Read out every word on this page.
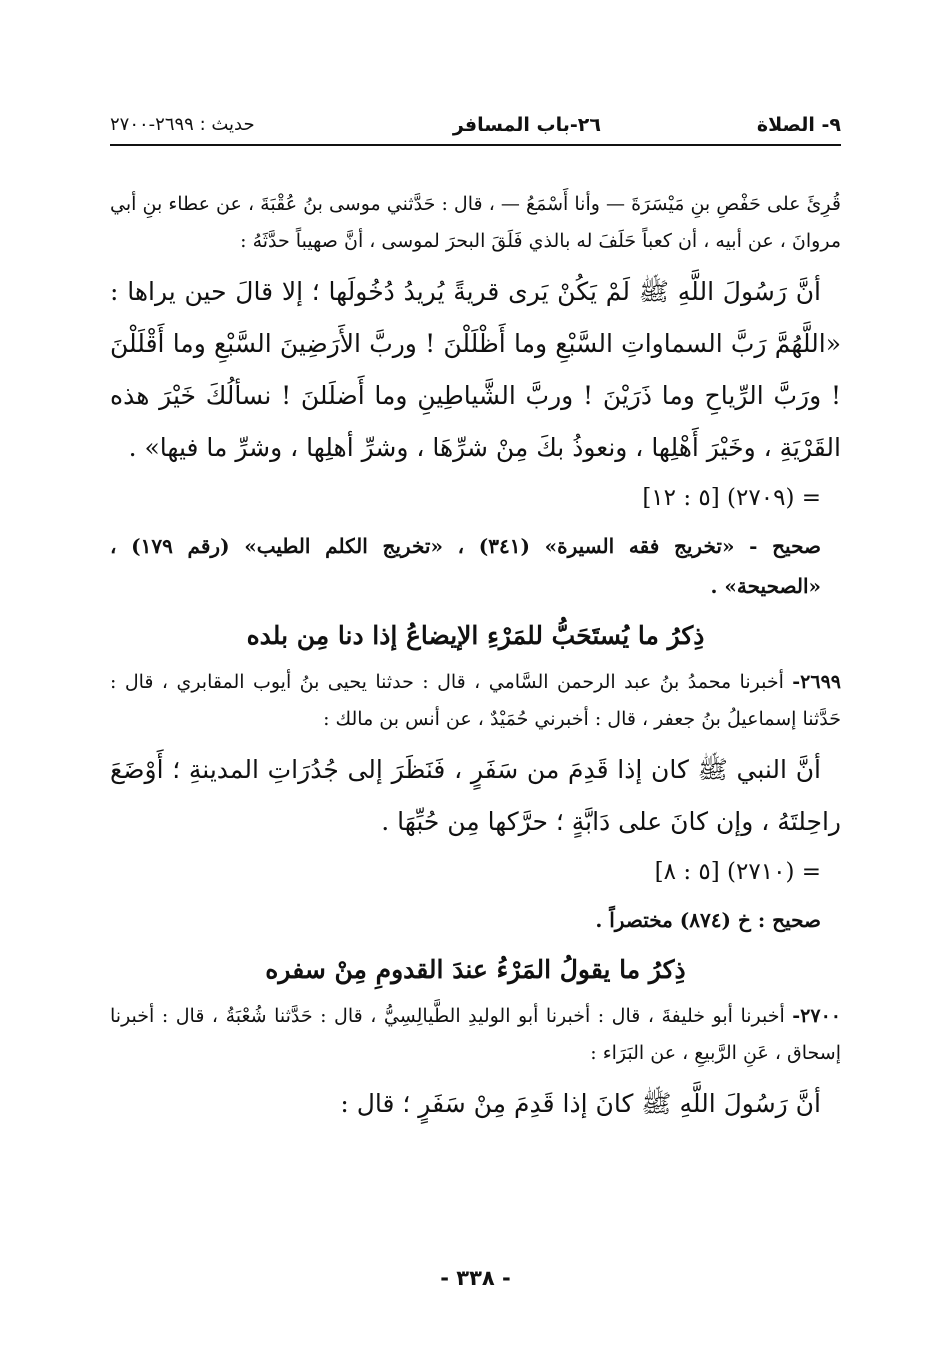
٩- الصلاة
٢٦-باب المسافر
حديث : ٢٦٩٩-٢٧٠٠

قُرِئَ على حَفْصِ بنِ مَيْسَرَةَ — وأنا أَسْمَعُ — ، قال : حَدَّثني موسى بنُ عُقْبَةَ ، عن عطاء بنِ أبي مروانَ ، عن أبيه ، أن كعباً حَلَفَ له بالذي فَلَقَ البحرَ لموسى ، أنَّ صهيباً حدَّثَهُ :

أنَّ رَسُولَ اللَّهِ ﷺ لَمْ يَكُنْ يَرى قريةً يُريدُ دُخُولَها ؛ إلا قالَ حين يراها : «اللَّهُمَّ رَبَّ السماواتِ السَّبْعِ وما أَظْلَلْنَ ! وربَّ الأَرَضِينَ السَّبْعِ وما أَقْلَلْنَ ! ورَبَّ الرِّياحِ وما ذَرَيْنَ ! وربَّ الشَّياطِينِ وما أَضلَلنَ ! نسألُكَ خَيْرَ هذه القَرْيَةِ ، وخَيْرَ أَهْلِها ، ونعوذُ بكَ مِنْ شرِّهَا ، وشرِّ أهلِها ، وشرِّ ما فيها» .

= (٢٧٠٩) [٥ : ١٢]

صحيح - «تخريج فقه السيرة» (٣٤١) ، «تخريج الكلم الطيب» (رقم ١٧٩) ، «الصحيحة» .

ذِكرُ ما يُستَحَبُّ للمَرْءِ الإيضاعُ إذا دنا مِن بلده

٢٦٩٩- أخبرنا محمدُ بنُ عبد الرحمن السَّامي ، قال : حدثنا يحيى بنُ أيوب المقابري ، قال : حَدَّثنا إسماعيلُ بنُ جعفر ، قال : أخبرني حُمَيْدٌ ، عن أنس بن مالك :

أنَّ النبي ﷺ كان إذا قَدِمَ من سَفَرٍ ، فَنَظَرَ إلى جُدُرَاتِ المدينةِ ؛ أَوْضَعَ راحِلتَهُ ، وإن كانَ على دَابَّةٍ ؛ حرَّكها مِن حُبِّهَا .

= (٢٧١٠) [٥ : ٨]

صحيح : خ (٨٧٤) مختصراً .

ذِكرُ ما يقولُ المَرْءُ عندَ القدومِ مِنْ سفره

٢٧٠٠- أخبرنا أبو خليفةَ ، قال : أخبرنا أبو الوليدِ الطَّيالِسِيُّ ، قال : حَدَّثنا شُعْبَةُ ، قال : أخبرنا إسحاق ، عَنِ الرَّبيعِ ، عن البَرَاء :

أنَّ رَسُولَ اللَّهِ ﷺ كانَ إذا قَدِمَ مِنْ سَفَرٍ ؛ قال :

- ٣٣٨ -
